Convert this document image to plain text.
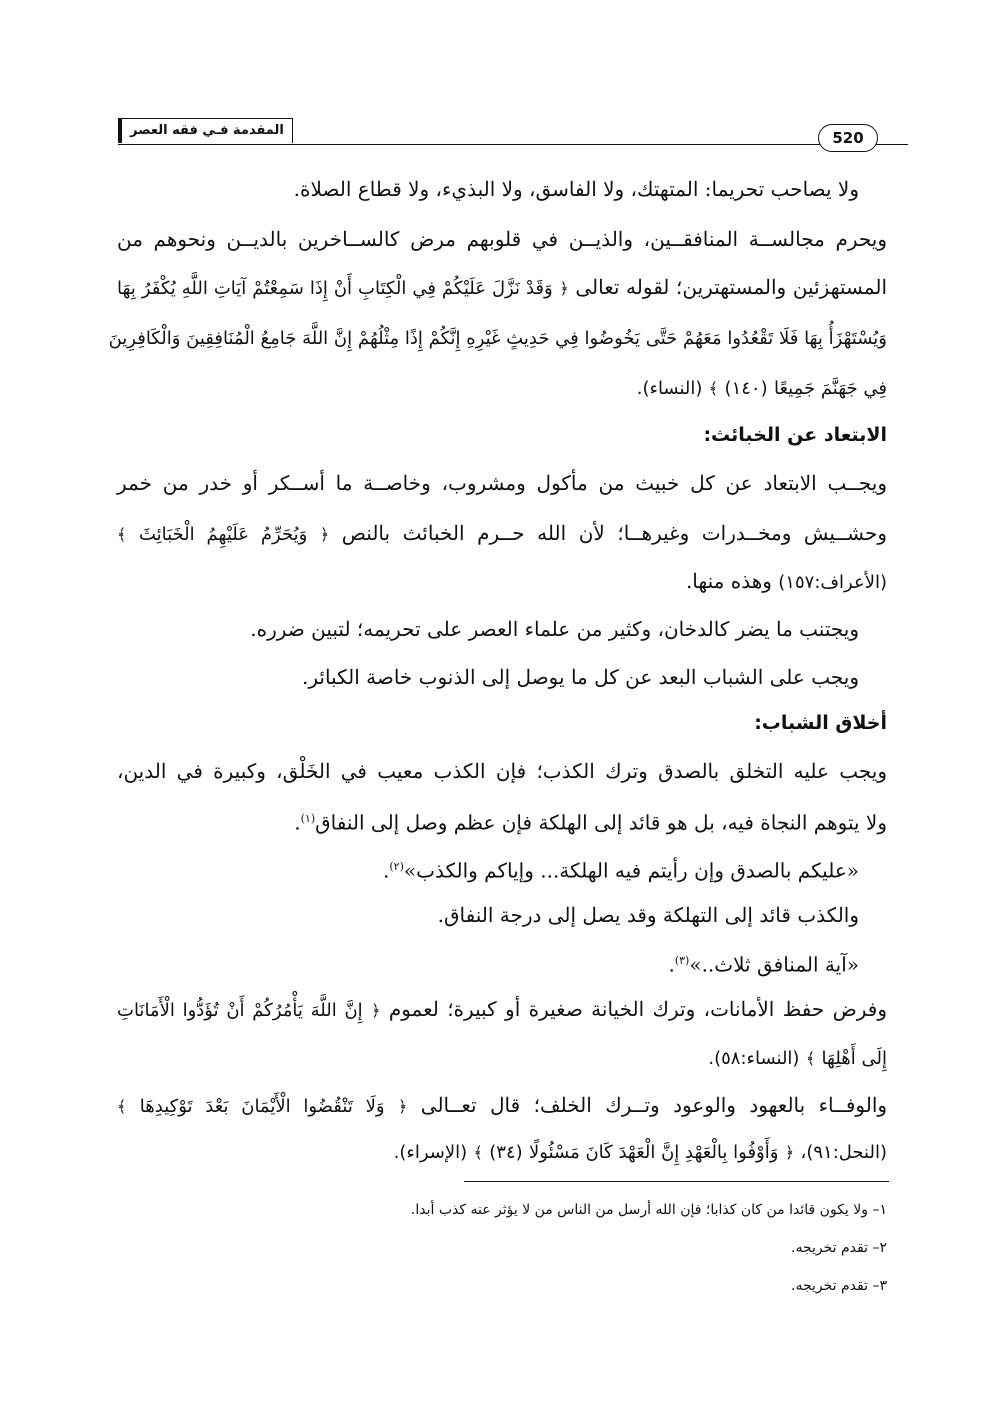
المقدمة فـي فقه العصر	520
ولا يصاحب تحريما: المتهتك، ولا الفاسق، ولا البذيء، ولا قطاع الصلاة.
ويحرم مجالســة المنافقــين، والذيــن في قلوبهم مرض كالســاخرين بالديــن ونحوهم من
المستهزئين والمستهترين؛ لقوله تعالى ﴿ وَقَدْ نَزَّلَ عَلَيْكُمْ فِي الْكِتَابِ أَنْ إِذَا سَمِعْتُمْ آيَاتِ اللَّهِ يُكْفَرُ بِهَا
وَيُسْتَهْزَأُ بِهَا فَلَا تَقْعُدُوا مَعَهُمْ حَتَّى يَخُوضُوا فِي حَدِيثٍ غَيْرِهِ إِنَّكُمْ إِذًا مِثْلُهُمْ إِنَّ اللَّهَ جَامِعُ الْمُنَافِقِينَ وَالْكَافِرِينَ
فِي جَهَنَّمَ جَمِيعًا (١٤٠) ﴾ (النساء).
الابتعاد عن الخبائث:
ويجــب الابتعاد عن كل خبيث من مأكول ومشروب، وخاصــة ما أســكر أو خدر من خمر
وحشــيش ومخــدرات وغيرهــا؛ لأن الله حــرم الخبائث بالنص ﴿ وَيُحَرِّمُ عَلَيْهِمُ الْخَبَائِثَ ﴾
(الأعراف:١٥٧) وهذه منها.
ويجتنب ما يضر كالدخان، وكثير من علماء العصر على تحريمه؛ لتبين ضرره.
ويجب على الشباب البعد عن كل ما يوصل إلى الذنوب خاصة الكبائر.
أخلاق الشباب:
ويجب عليه التخلق بالصدق وترك الكذب؛ فإن الكذب معيب في الخَلْق، وكبيرة في الدين،
ولا يتوهم النجاة فيه، بل هو قائد إلى الهلكة فإن عظم وصل إلى النفاق$^{(١)}$.
«عليكم بالصدق وإن رأيتم فيه الهلكة... وإياكم والكذب»$^{(٢)}$.
والكذب قائد إلى التهلكة وقد يصل إلى درجة النفاق.
«آية المنافق ثلاث..»$^{(٣)}$.
وفرض حفظ الأمانات، وترك الخيانة صغيرة أو كبيرة؛ لعموم ﴿ إِنَّ اللَّهَ يَأْمُرُكُمْ أَنْ تُؤَدُّوا الْأَمَانَاتِ
إِلَى أَهْلِهَا ﴾ (النساء:٥٨).
والوفــاء بالعهود والوعود وتــرك الخلف؛ قال تعــالى ﴿ وَلَا تَنْقُضُوا الْأَيْمَانَ بَعْدَ تَوْكِيدِهَا ﴾
(النحل:٩١)، ﴿ وَأَوْفُوا بِالْعَهْدِ إِنَّ الْعَهْدَ كَانَ مَسْئُولًا (٣٤) ﴾ (الإسراء).
١– ولا يكون قائدا من كان كذابا؛ فإن الله أرسل من الناس من لا يؤثر عنه كذب أبدا.
٢– تقدم تخريجه.
٣– تقدم تخريجه.
